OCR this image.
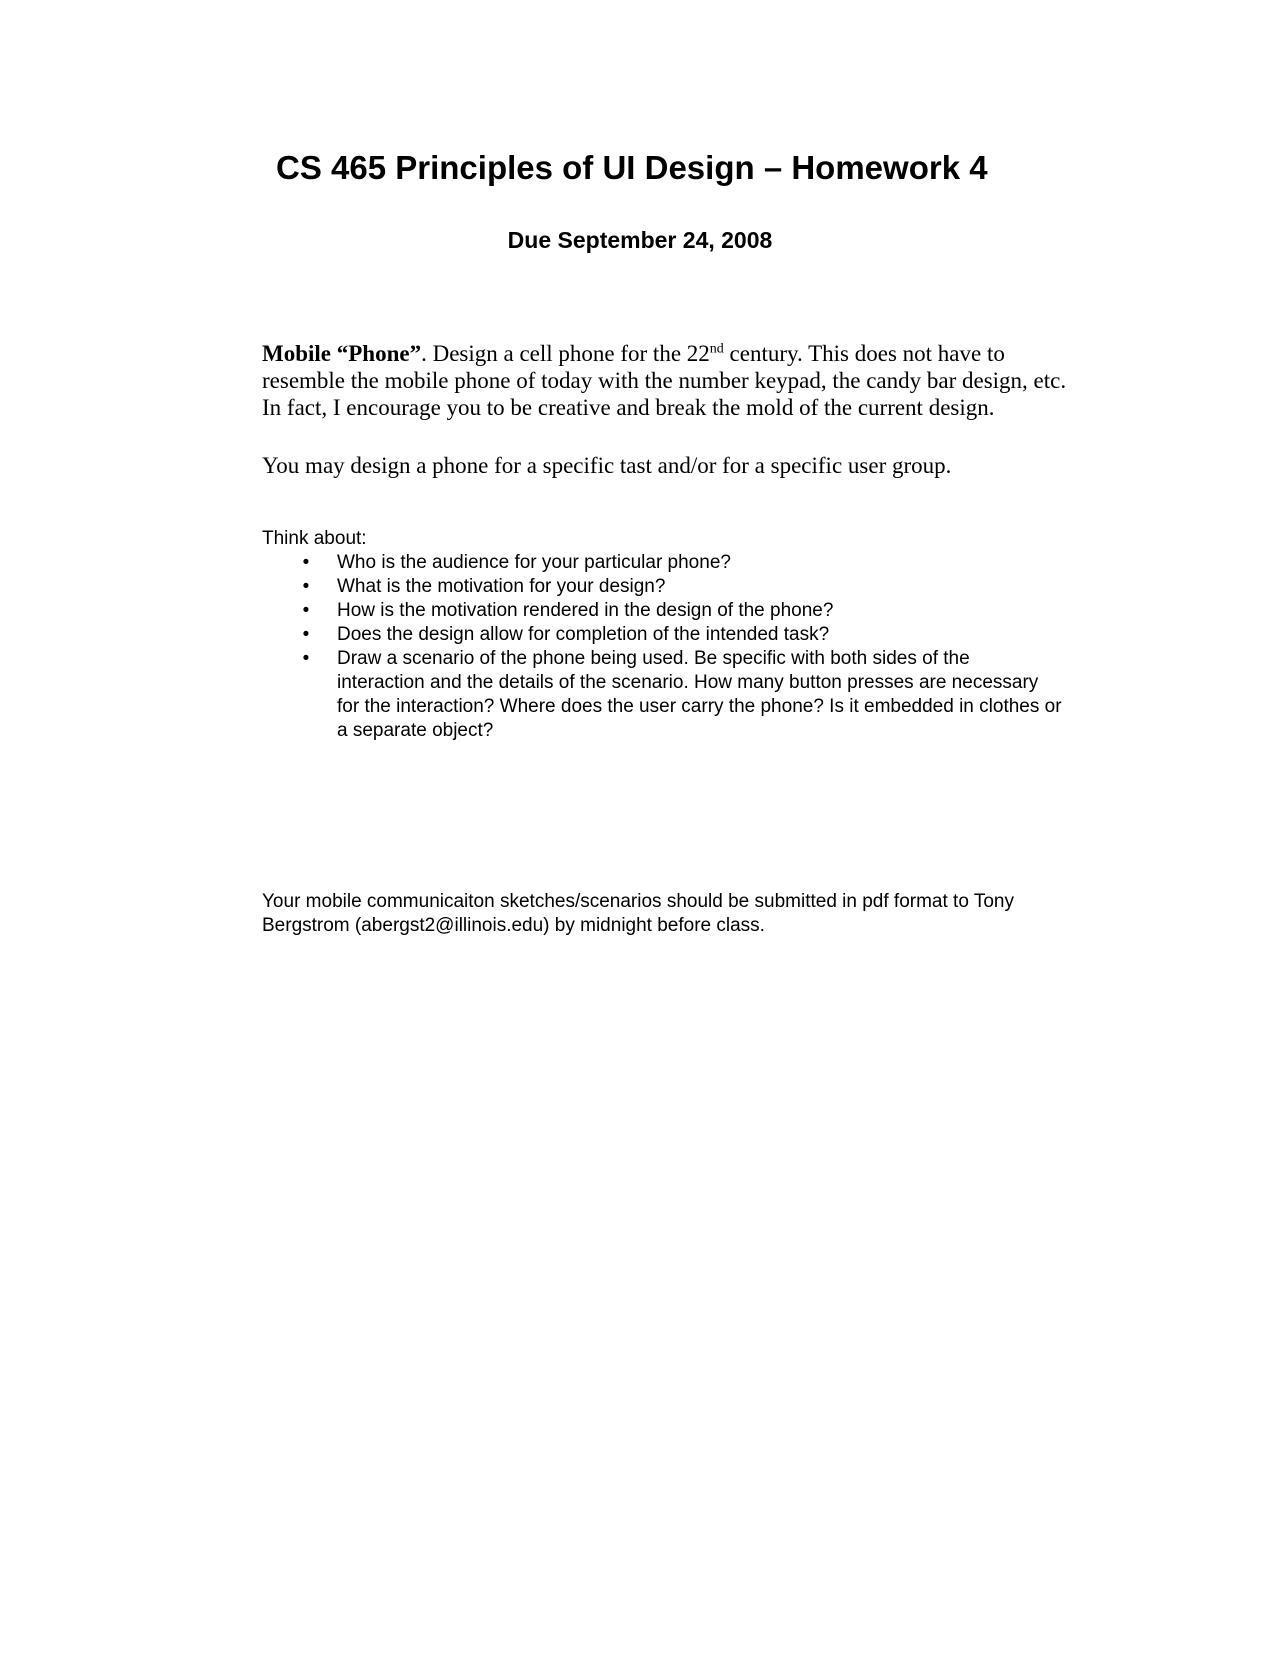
CS 465 Principles of UI Design – Homework 4
Due September 24, 2008

Mobile “Phone”. Design a cell phone for the 22nd century. This does not have to resemble the mobile phone of today with the number keypad, the candy bar design, etc. In fact, I encourage you to be creative and break the mold of the current design.

You may design a phone for a specific tast and/or for a specific user group.

Think about:

• Who is the audience for your particular phone?
• What is the motivation for your design?
• How is the motivation rendered in the design of the phone?
• Does the design allow for completion of the intended task?
• Draw a scenario of the phone being used. Be specific with both sides of the interaction and the details of the scenario. How many button presses are necessary for the interaction? Where does the user carry the phone? Is it embedded in clothes or a separate object?

Your mobile communicaiton sketches/scenarios should be submitted in pdf format to Tony Bergstrom (abergst2@illinois.edu) by midnight before class.
